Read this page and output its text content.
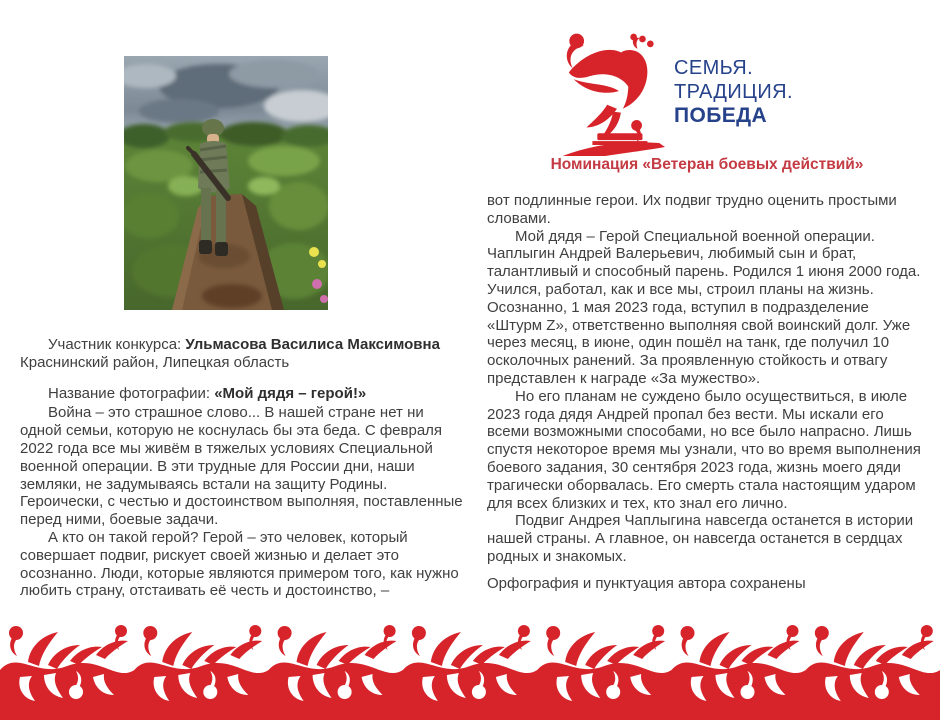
СЕМЬЯ.
ТРАДИЦИЯ.
ПОБЕДА
Номинация «Ветеран боевых действий»

Участник конкурса: Ульмасова Василиса Максимовна

Краснинский район, Липецкая область

Название фотографии: «Мой дядя – герой!»

Война – это страшное слово... В нашей стране нет ни одной семьи, которую не коснулась бы эта беда. С февраля 2022 года все мы живём в тяжелых условиях Специальной военной операции. В эти трудные для России дни, наши земляки, не задумываясь встали на защиту Родины. Героически, с честью и достоинством выполняя, поставленные перед ними, боевые задачи.

А кто он такой герой? Герой – это человек, который совершает подвиг, рискует своей жизнью и делает это осознанно. Люди, которые являются примером того, как нужно любить страну, отстаивать её честь и достоинство, –

вот подлинные герои. Их подвиг трудно оценить простыми словами.

Мой дядя – Герой Специальной военной операции. Чаплыгин Андрей Валерьевич, любимый сын и брат, талантливый и способный парень. Родился 1 июня 2000 года. Учился, работал, как и все мы, строил планы на жизнь. Осознанно, 1 мая 2023 года, вступил в подразделение «Штурм Z», ответственно выполняя свой воинский долг. Уже через месяц, в июне, один пошёл на танк, где получил 10 осколочных ранений. За проявленную стойкость и отвагу представлен к награде «За мужество».

Но его планам не суждено было осуществиться, в июле 2023 года дядя Андрей пропал без вести. Мы искали его всеми возможными способами, но все было напрасно. Лишь спустя некоторое время мы узнали, что во время выполнения боевого задания, 30 сентября 2023 года, жизнь моего дяди трагически оборвалась. Его смерть стала настоящим ударом для всех близких и тех, кто знал его лично.

Подвиг Андрея Чаплыгина навсегда останется в истории нашей страны. А главное, он навсегда останется в сердцах родных и знакомых.

Орфография и пунктуация автора сохранены
